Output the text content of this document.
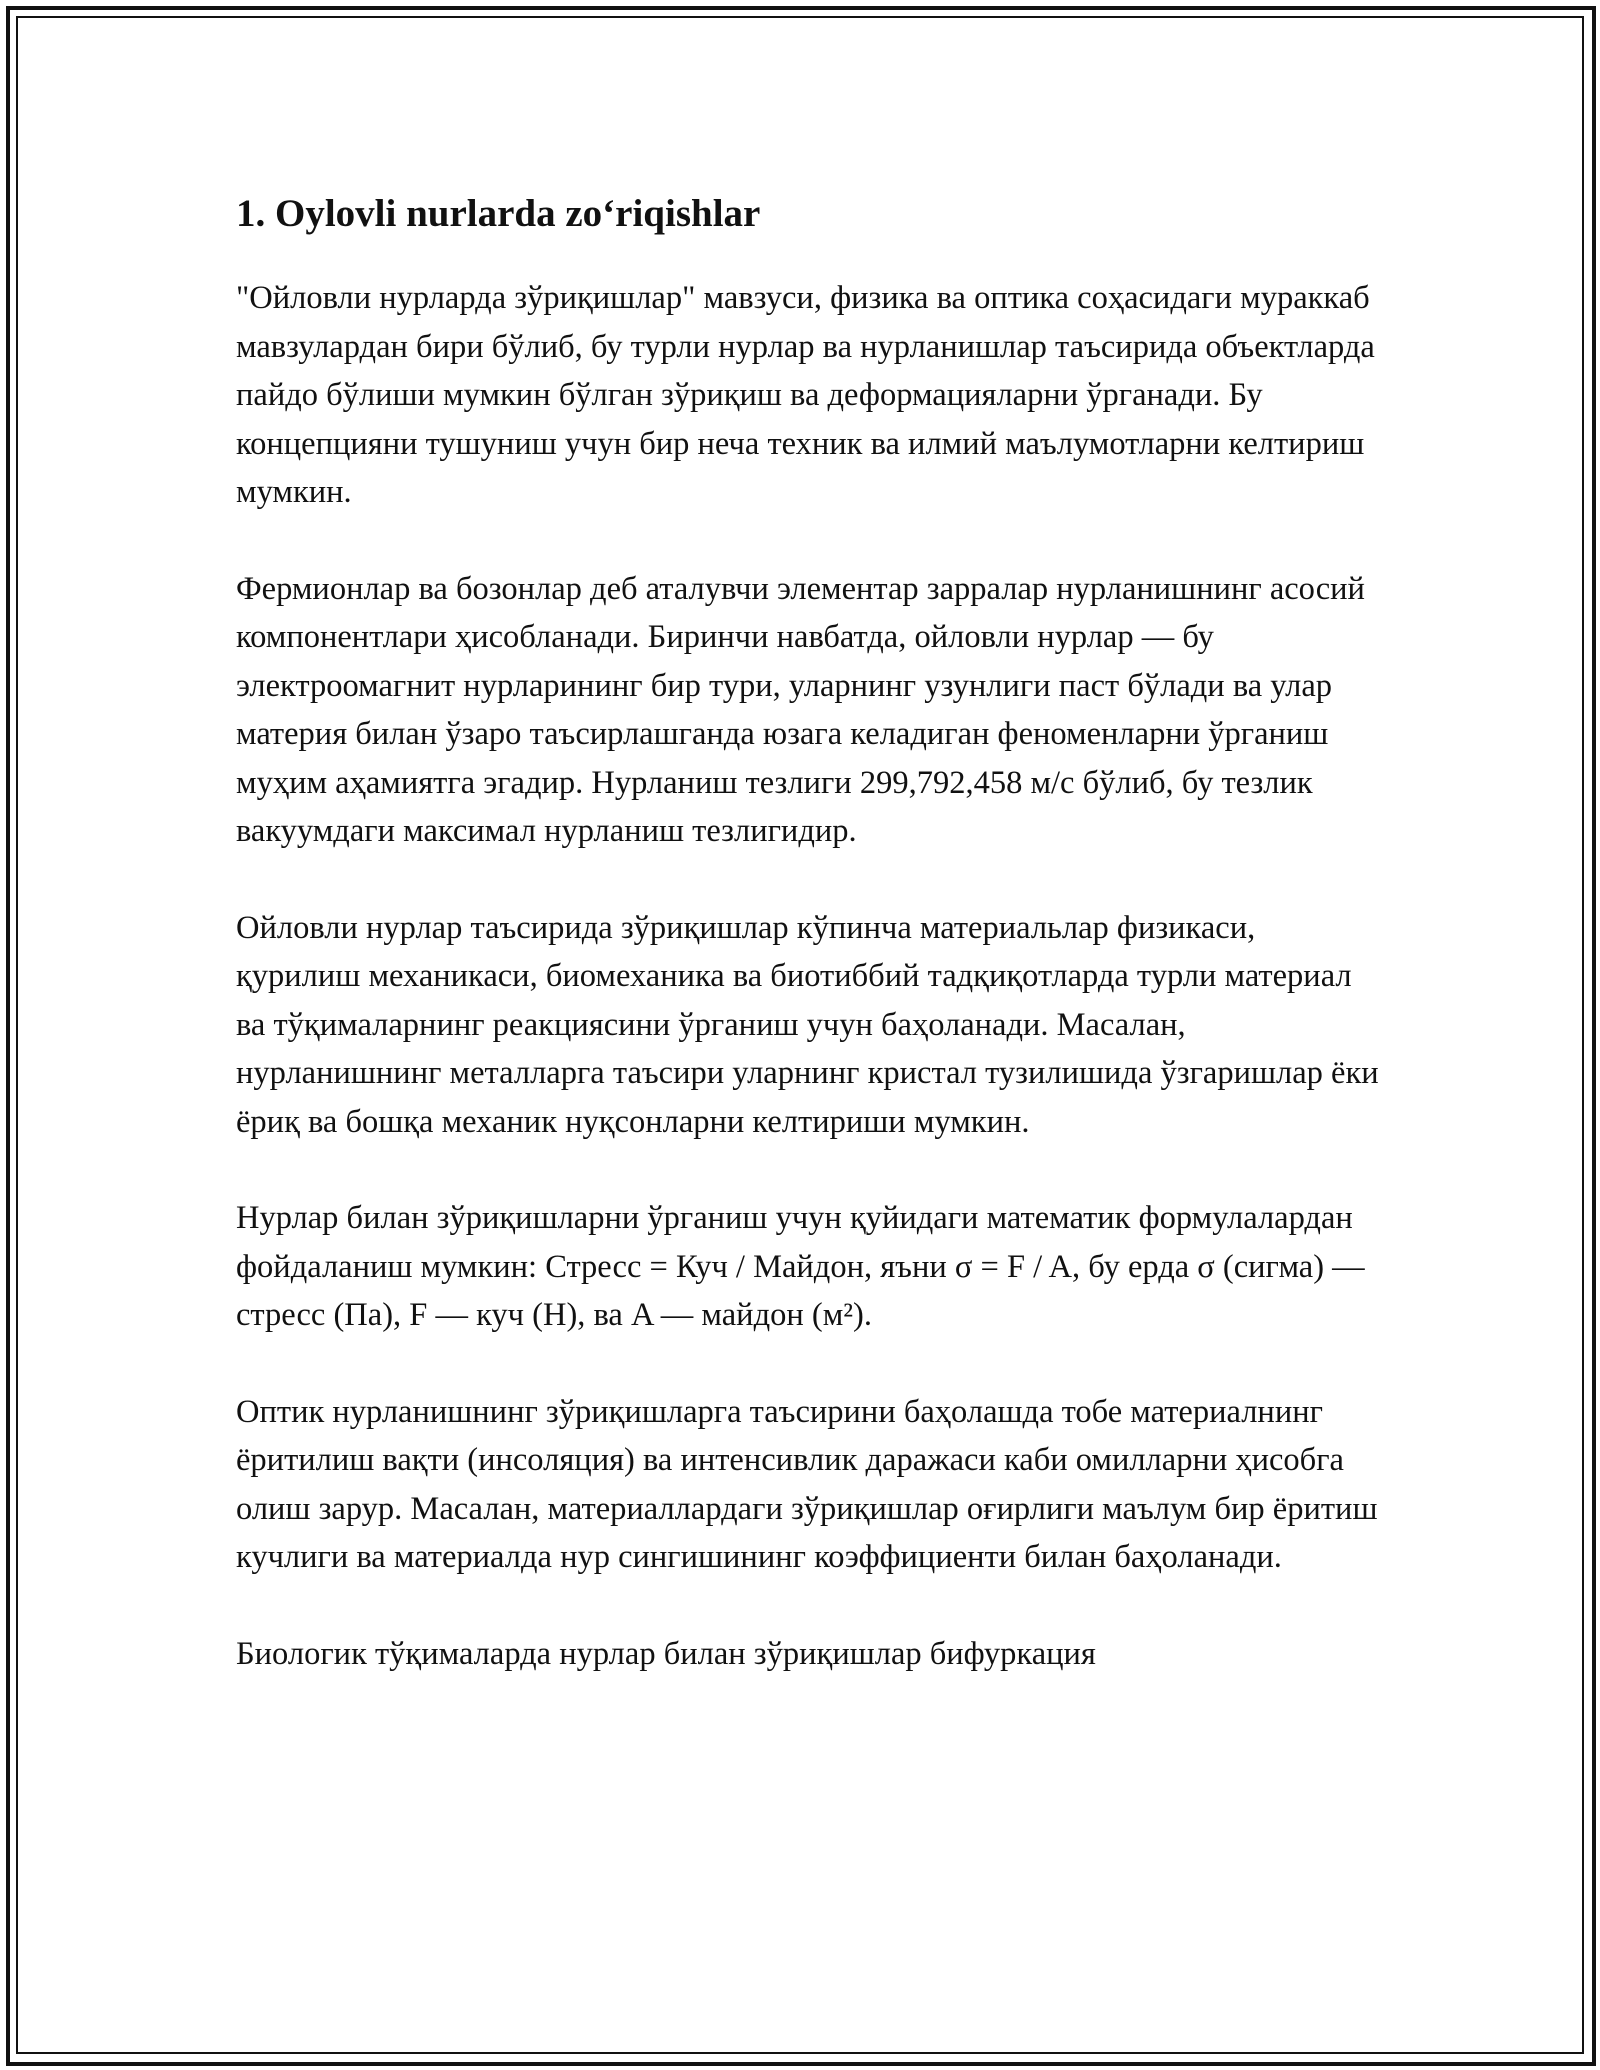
1. Oylovli nurlarda zo‘riqishlar

"Ойловли нурларда зўриқишлар" мавзуси, физика ва оптика соҳасидаги мураккаб мавзулардан бири бўлиб, бу турли нурлар ва нурланишлар таъсирида объектларда пайдо бўлиши мумкин бўлган зўриқиш ва деформацияларни ўрганади. Бу концепцияни тушуниш учун бир неча техник ва илмий маълумотларни келтириш мумкин.

Фермионлар ва бозонлар деб аталувчи элементар зарралар нурланишнинг асосий компонентлари ҳисобланади. Биринчи навбатда, ойловли нурлар — бу электроомагнит нурларининг бир тури, уларнинг узунлиги паст бўлади ва улар материя билан ўзаро таъсирлашганда юзага келадиган феноменларни ўрганиш муҳим аҳамиятга эгадир. Нурланиш тезлиги 299,792,458 м/с бўлиб, бу тезлик вакуумдаги максимал нурланиш тезлигидир.

Ойловли нурлар таъсирида зўриқишлар кўпинча материальлар физикаси, қурилиш механикаси, биомеханика ва биотиббий тадқиқотларда турли материал ва тўқималарнинг реакциясини ўрганиш учун баҳоланади. Масалан, нурланишнинг металларга таъсири уларнинг кристал тузилишида ўзгаришлар ёки ёриқ ва бошқа механик нуқсонларни келтириши мумкин.

Нурлар билан зўриқишларни ўрганиш учун қуйидаги математик формулалардан фойдаланиш мумкин: Стресс = Куч / Майдон, яъни σ = F / A, бу ерда σ (сигма) — стресс (Па), F — куч (Н), ва A — майдон (м²).

Оптик нурланишнинг зўриқишларга таъсирини баҳолашда тобе материалнинг ёритилиш вақти (инсоляция) ва интенсивлик даражаси каби омилларни ҳисобга олиш зарур. Масалан, материаллардаги зўриқишлар оғирлиги маълум бир ёритиш кучлиги ва материалда нур сингишининг коэффициенти билан баҳоланади.

Биологик тўқималарда нурлар билан зўриқишлар бифуркация
